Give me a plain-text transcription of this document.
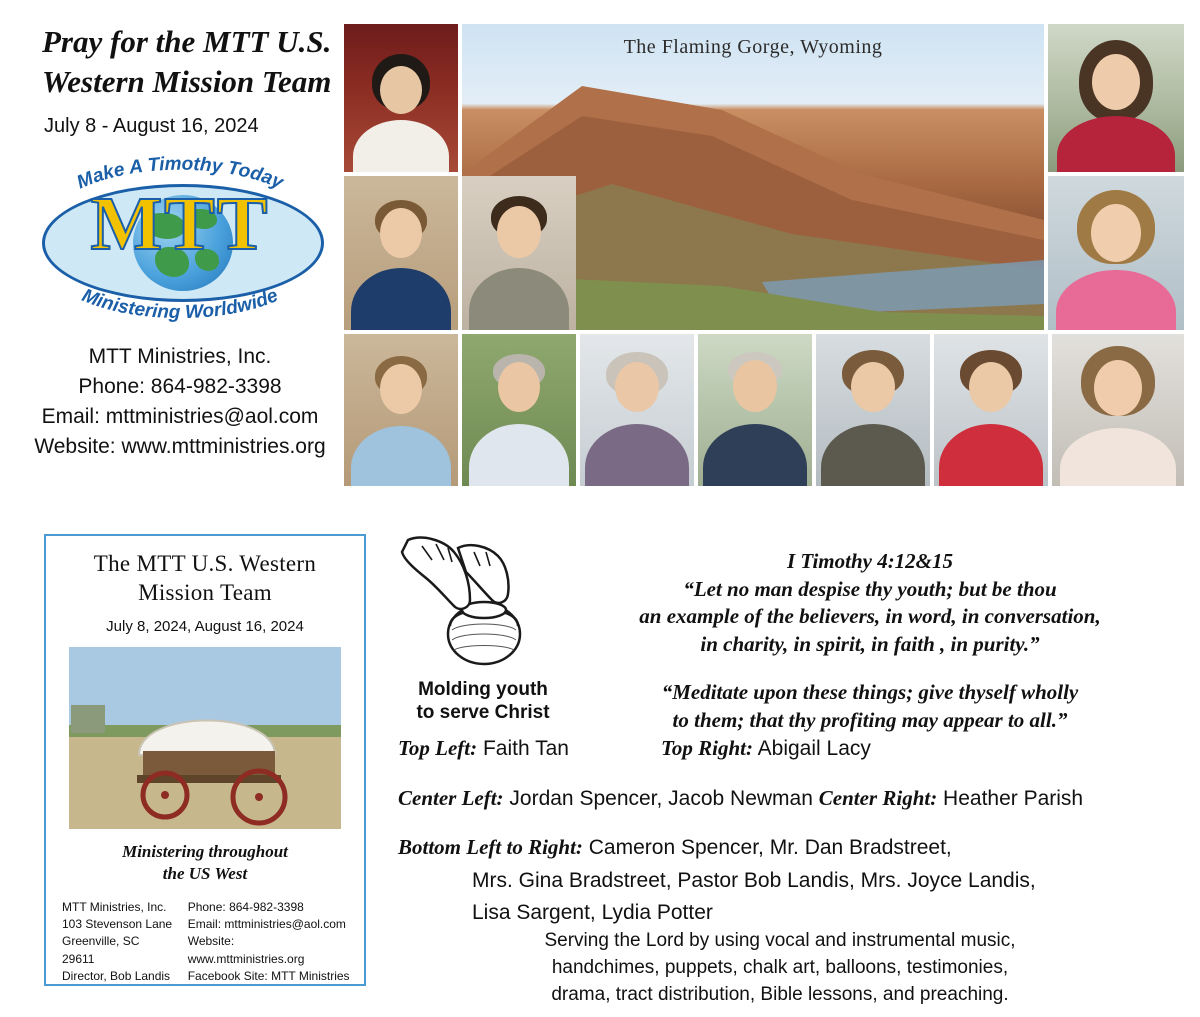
Pray for the MTT U.S. Western Mission Team
July 8 - August 16, 2024
MTT
Make A Timothy Today
Ministering Worldwide
MTT Ministries, Inc.
Phone: 864-982-3398
Email: mttministries@aol.com
Website: www.mttministries.org
The Flaming Gorge, Wyoming
The MTT U.S. Western
Mission Team
July 8, 2024, August 16, 2024
Ministering throughout
the US West
MTT Ministries, Inc.
103 Stevenson Lane
Greenville, SC 29611
Director, Bob Landis
Phone: 864-982-3398
Email: mttministries@aol.com
Website: www.mttministries.org
Facebook Site: MTT Ministries
Molding youth
to serve Christ
I Timothy 4:12&15
“Let no man despise thy youth; but be thou
an example of the believers, in word, in conversation,
in charity, in spirit, in faith , in purity.”
“Meditate upon these things; give thyself wholly
to them; that thy profiting may appear to all.”
Top Left: Faith Tan	Top Right: Abigail Lacy
Center Left: Jordan Spencer, Jacob Newman Center Right: Heather Parish
Bottom Left to Right: Cameron Spencer, Mr. Dan Bradstreet,
Mrs. Gina Bradstreet, Pastor Bob Landis, Mrs. Joyce Landis,
Lisa Sargent, Lydia Potter
Serving the Lord by using vocal and instrumental music,
handchimes, puppets, chalk art, balloons, testimonies,
drama, tract distribution, Bible lessons, and preaching.
